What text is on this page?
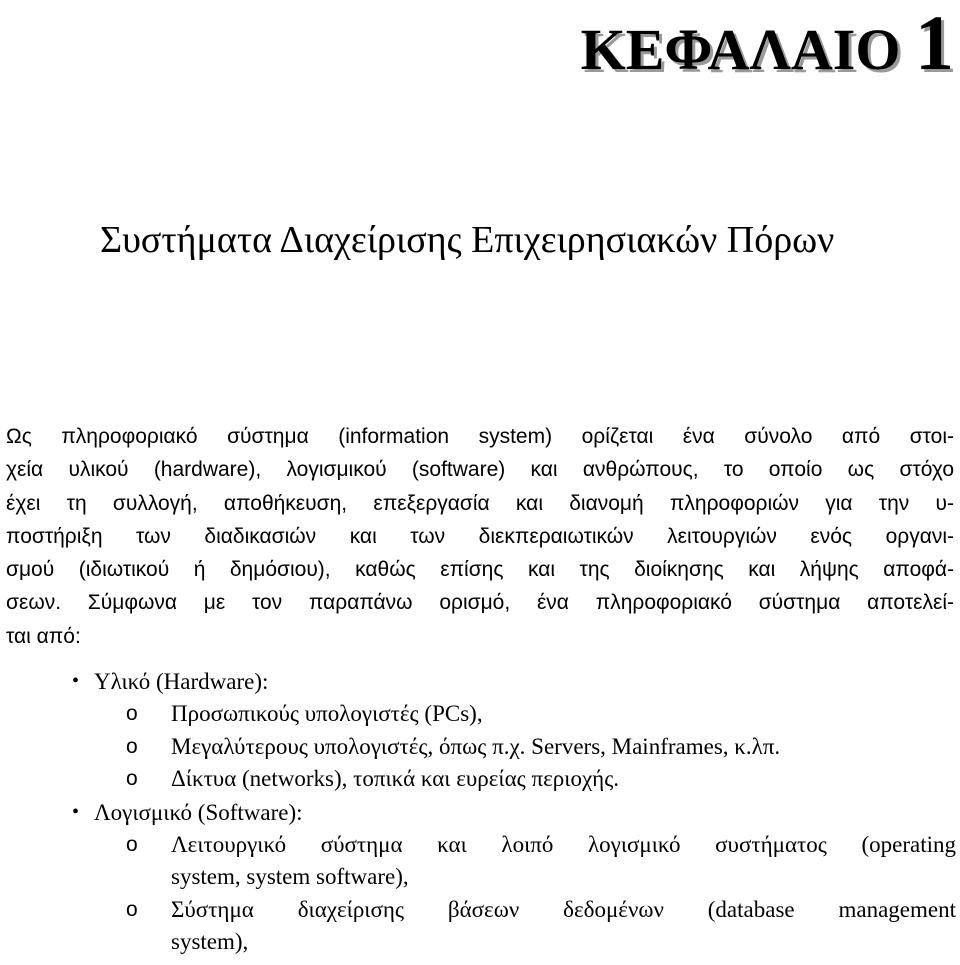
ΚΕΦΑΛΑΙΟ 1
Συστήματα Διαχείρισης Επιχειρησιακών Πόρων

Ως πληροφοριακό σύστημα (information system) ορίζεται ένα σύνολο από στοι-
χεία υλικού (hardware), λογισμικού (software) και ανθρώπους, το οποίο ως στόχο
έχει τη συλλογή, αποθήκευση, επεξεργασία και διανομή πληροφοριών για την υ-
ποστήριξη των διαδικασιών και των διεκπεραιωτικών λειτουργιών ενός οργανι-
σμού (ιδιωτικού ή δημόσιου), καθώς επίσης και της διοίκησης και λήψης αποφά-
σεων. Σύμφωνα με τον παραπάνω ορισμό, ένα πληροφοριακό σύστημα αποτελεί-
ται από:

• Υλικό (Hardware):
o Προσωπικούς υπολογιστές (PCs),
o Μεγαλύτερους υπολογιστές, όπως π.χ. Servers, Mainframes, κ.λπ.
o Δίκτυα (networks), τοπικά και ευρείας περιοχής.
• Λογισμικό (Software):
o Λειτουργικό σύστημα και λοιπό λογισμικό συστήματος (operating
system, system software),
o Σύστημα διαχείρισης βάσεων δεδομένων (database management
system),
